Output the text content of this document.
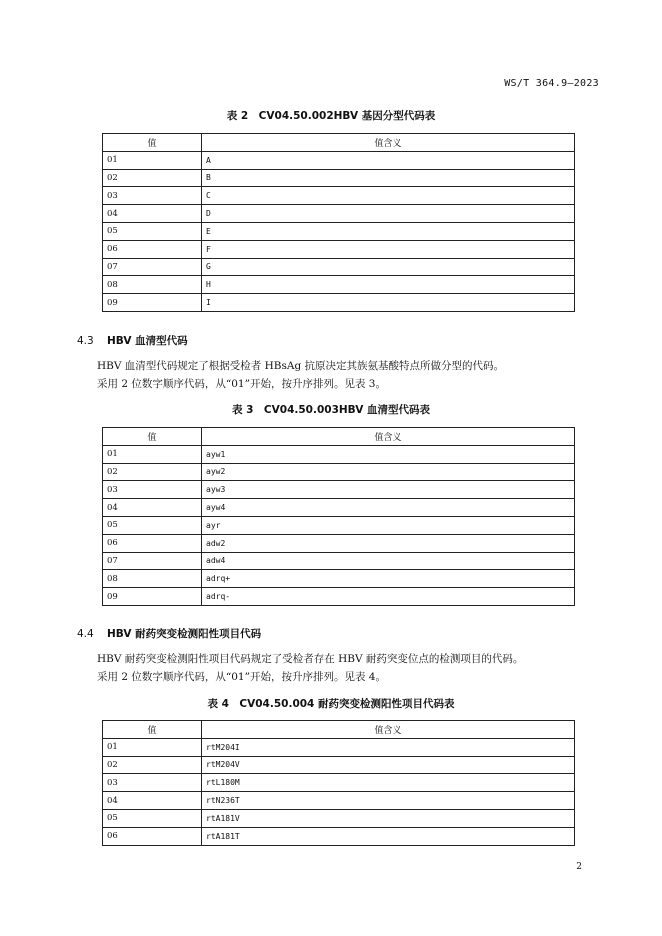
WS/T 364.9—2023
表 2　CV04.50.002HBV 基因分型代码表
值	值含义
01	A
02	B
03	C
04	D
05	E
06	F
07	G
08	H
09	I
4.3 HBV 血清型代码
HBV 血清型代码规定了根据受检者 HBsAg 抗原决定其族氨基酸特点所做分型的代码。
采用 2 位数字顺序代码，从“01”开始，按升序排列。见表 3。
表 3　CV04.50.003HBV 血清型代码表
值	值含义
01	ayw1
02	ayw2
03	ayw3
04	ayw4
05	ayr
06	adw2
07	adw4
08	adrq+
09	adrq-
4.4 HBV 耐药突变检测阳性项目代码
HBV 耐药突变检测阳性项目代码规定了受检者存在 HBV 耐药突变位点的检测项目的代码。
采用 2 位数字顺序代码，从“01”开始，按升序排列。见表 4。
表 4　CV04.50.004 耐药突变检测阳性项目代码表
值	值含义
01	rtM204I
02	rtM204V
03	rtL180M
04	rtN236T
05	rtA181V
06	rtA181T
2
